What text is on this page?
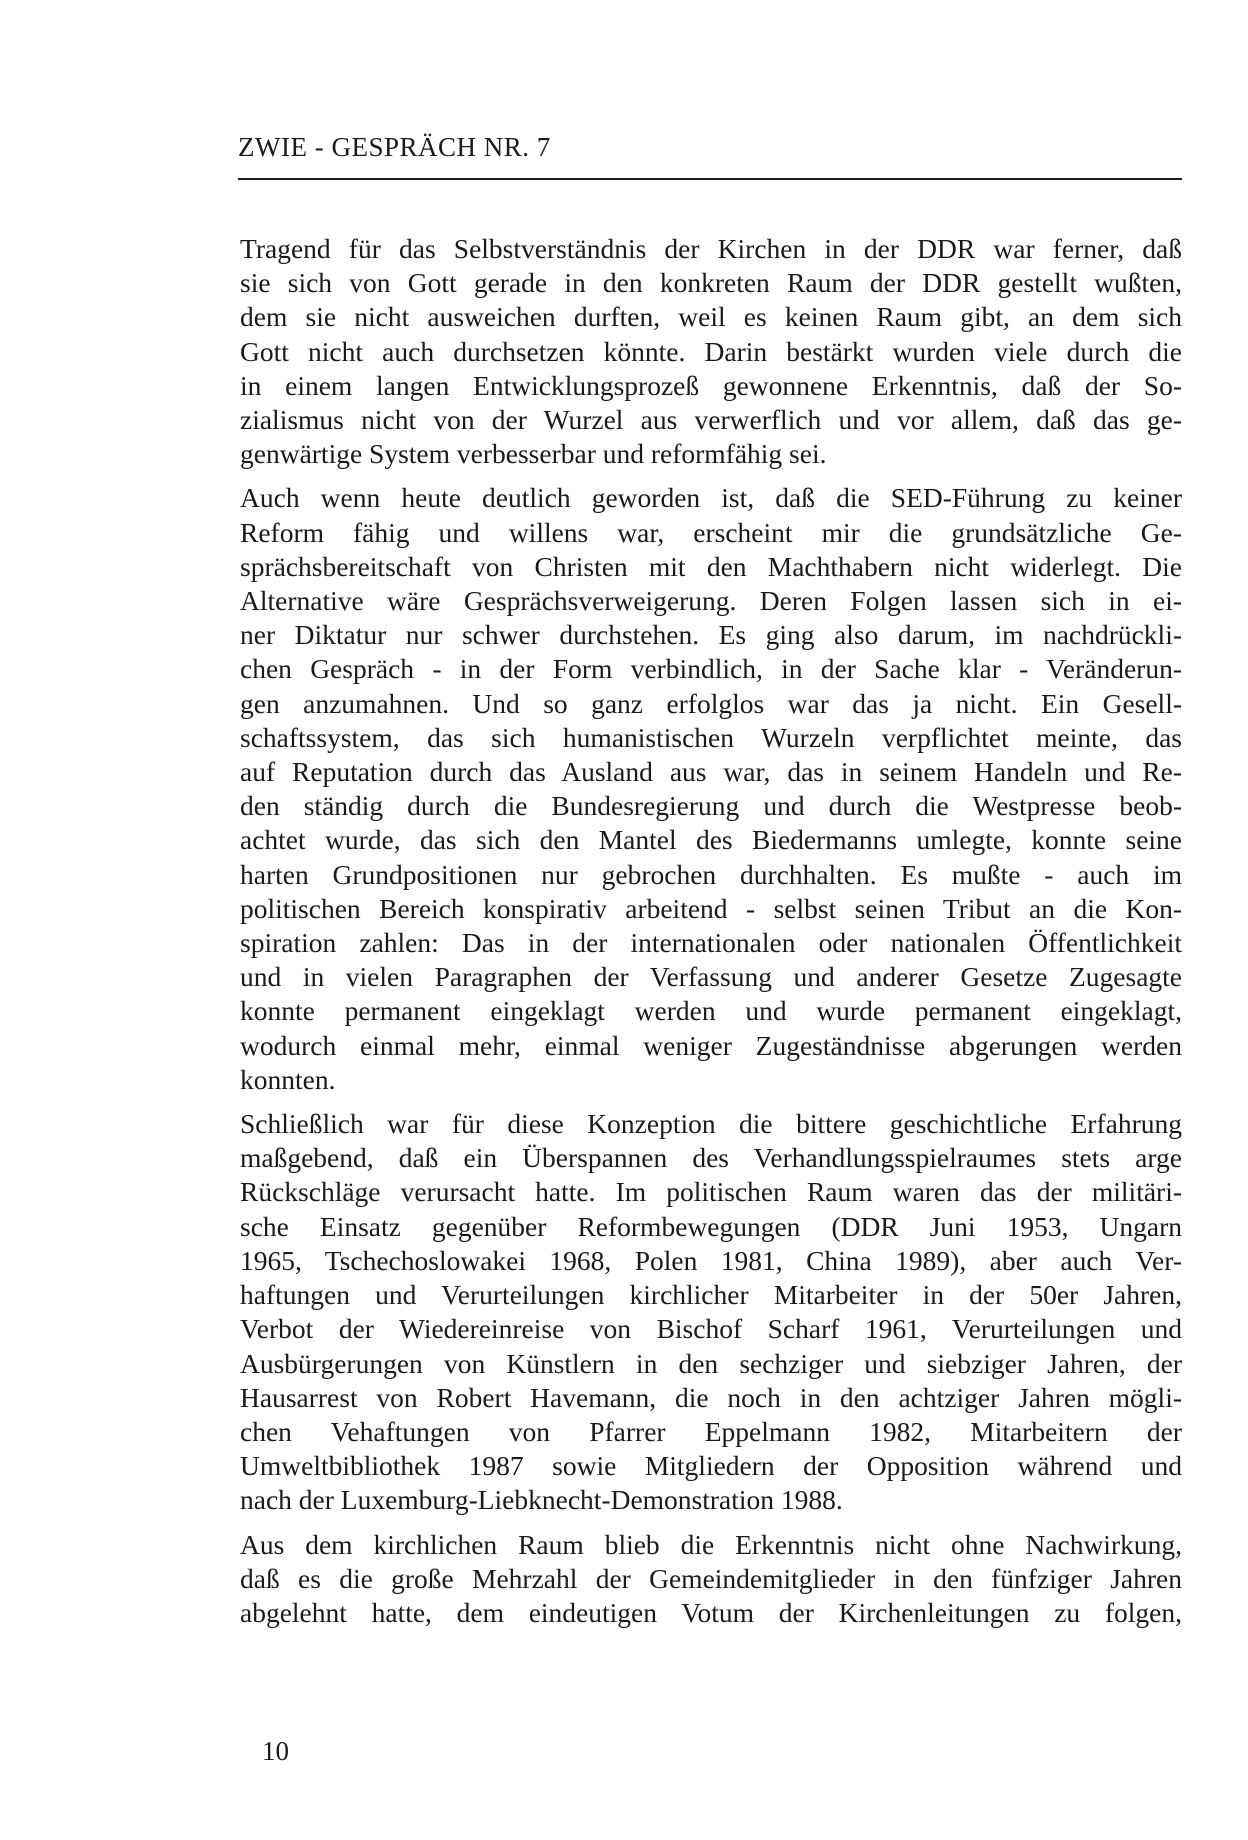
ZWIE - GESPRÄCH NR. 7
Tragend für das Selbstverständnis der Kirchen in der DDR war ferner, daß
sie sich von Gott gerade in den konkreten Raum der DDR gestellt wußten,
dem sie nicht ausweichen durften, weil es keinen Raum gibt, an dem sich
Gott nicht auch durchsetzen könnte. Darin bestärkt wurden viele durch die
in einem langen Entwicklungsprozeß gewonnene Erkenntnis, daß der So-
zialismus nicht von der Wurzel aus verwerflich und vor allem, daß das ge-
genwärtige System verbesserbar und reformfähig sei.
Auch wenn heute deutlich geworden ist, daß die SED-Führung zu keiner
Reform fähig und willens war, erscheint mir die grundsätzliche Ge-
sprächsbereitschaft von Christen mit den Machthabern nicht widerlegt. Die
Alternative wäre Gesprächsverweigerung. Deren Folgen lassen sich in ei-
ner Diktatur nur schwer durchstehen. Es ging also darum, im nachdrückli-
chen Gespräch - in der Form verbindlich, in der Sache klar - Veränderun-
gen anzumahnen. Und so ganz erfolglos war das ja nicht. Ein Gesell-
schaftssystem, das sich humanistischen Wurzeln verpflichtet meinte, das
auf Reputation durch das Ausland aus war, das in seinem Handeln und Re-
den ständig durch die Bundesregierung und durch die Westpresse beob-
achtet wurde, das sich den Mantel des Biedermanns umlegte, konnte seine
harten Grundpositionen nur gebrochen durchhalten. Es mußte - auch im
politischen Bereich konspirativ arbeitend - selbst seinen Tribut an die Kon-
spiration zahlen: Das in der internationalen oder nationalen Öffentlichkeit
und in vielen Paragraphen der Verfassung und anderer Gesetze Zugesagte
konnte permanent eingeklagt werden und wurde permanent eingeklagt,
wodurch einmal mehr, einmal weniger Zugeständnisse abgerungen werden
konnten.
Schließlich war für diese Konzeption die bittere geschichtliche Erfahrung
maßgebend, daß ein Überspannen des Verhandlungsspielraumes stets arge
Rückschläge verursacht hatte. Im politischen Raum waren das der militäri-
sche Einsatz gegenüber Reformbewegungen (DDR Juni 1953, Ungarn
1965, Tschechoslowakei 1968, Polen 1981, China 1989), aber auch Ver-
haftungen und Verurteilungen kirchlicher Mitarbeiter in der 50er Jahren,
Verbot der Wiedereinreise von Bischof Scharf 1961, Verurteilungen und
Ausbürgerungen von Künstlern in den sechziger und siebziger Jahren, der
Hausarrest von Robert Havemann, die noch in den achtziger Jahren mögli-
chen Vehaftungen von Pfarrer Eppelmann 1982, Mitarbeitern der
Umweltbibliothek 1987 sowie Mitgliedern der Opposition während und
nach der Luxemburg-Liebknecht-Demonstration 1988.
Aus dem kirchlichen Raum blieb die Erkenntnis nicht ohne Nachwirkung,
daß es die große Mehrzahl der Gemeindemitglieder in den fünfziger Jahren
abgelehnt hatte, dem eindeutigen Votum der Kirchenleitungen zu folgen,
10
